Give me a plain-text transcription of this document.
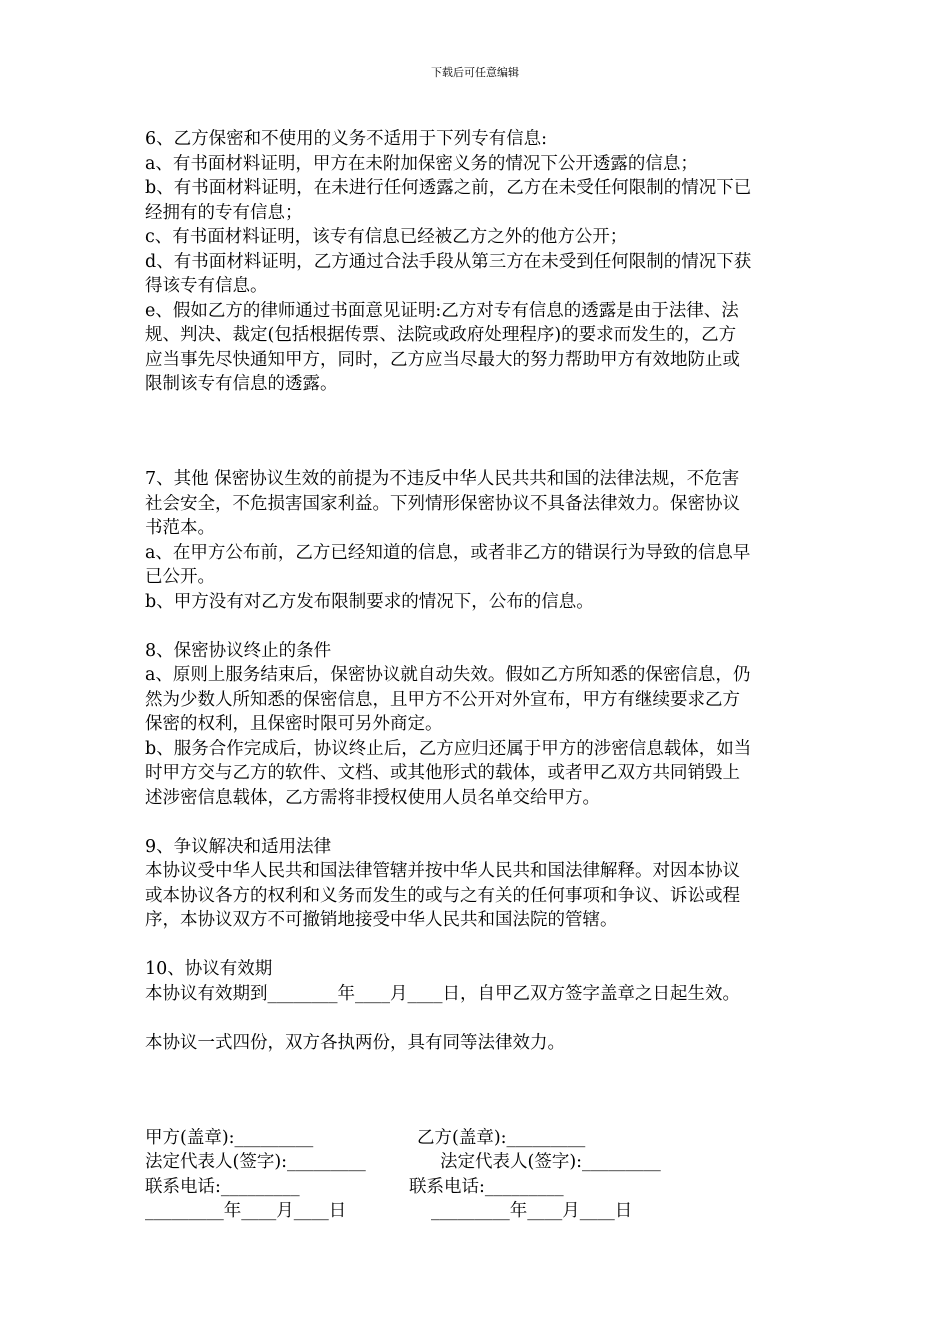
下载后可任意编辑
6、乙方保密和不使用的义务不适用于下列专有信息:
a、有书面材料证明，甲方在未附加保密义务的情况下公开透露的信息；
b、有书面材料证明，在未进行任何透露之前，乙方在未受任何限制的情况下已
经拥有的专有信息；
c、有书面材料证明，该专有信息已经被乙方之外的他方公开；
d、有书面材料证明，乙方通过合法手段从第三方在未受到任何限制的情况下获
得该专有信息。
e、假如乙方的律师通过书面意见证明:乙方对专有信息的透露是由于法律、法
规、判决、裁定(包括根据传票、法院或政府处理程序)的要求而发生的，乙方
应当事先尽快通知甲方，同时，乙方应当尽最大的努力帮助甲方有效地防止或
限制该专有信息的透露。
7、其他 保密协议生效的前提为不违反中华人民共共和国的法律法规，不危害
社会安全，不危损害国家利益。下列情形保密协议不具备法律效力。保密协议
书范本。
a、在甲方公布前，乙方已经知道的信息，或者非乙方的错误行为导致的信息早
已公开。
b、甲方没有对乙方发布限制要求的情况下，公布的信息。
8、保密协议终止的条件
a、原则上服务结束后，保密协议就自动失效。假如乙方所知悉的保密信息，仍
然为少数人所知悉的保密信息，且甲方不公开对外宣布，甲方有继续要求乙方
保密的权利，且保密时限可另外商定。
b、服务合作完成后，协议终止后，乙方应归还属于甲方的涉密信息载体，如当
时甲方交与乙方的软件、文档、或其他形式的载体，或者甲乙双方共同销毁上
述涉密信息载体，乙方需将非授权使用人员名单交给甲方。
9、争议解决和适用法律
本协议受中华人民共和国法律管辖并按中华人民共和国法律解释。对因本协议
或本协议各方的权利和义务而发生的或与之有关的任何事项和争议、诉讼或程
序，本协议双方不可撤销地接受中华人民共和国法院的管辖。
10、协议有效期
本协议有效期到________年____月____日，自甲乙双方签字盖章之日起生效。
本协议一式四份，双方各执两份，具有同等法律效力。
甲方(盖章):_________	乙方(盖章):_________
法定代表人(签字):_________	法定代表人(签字):_________
联系电话:_________	联系电话:_________
_________年____月____日	_________年____月____日
